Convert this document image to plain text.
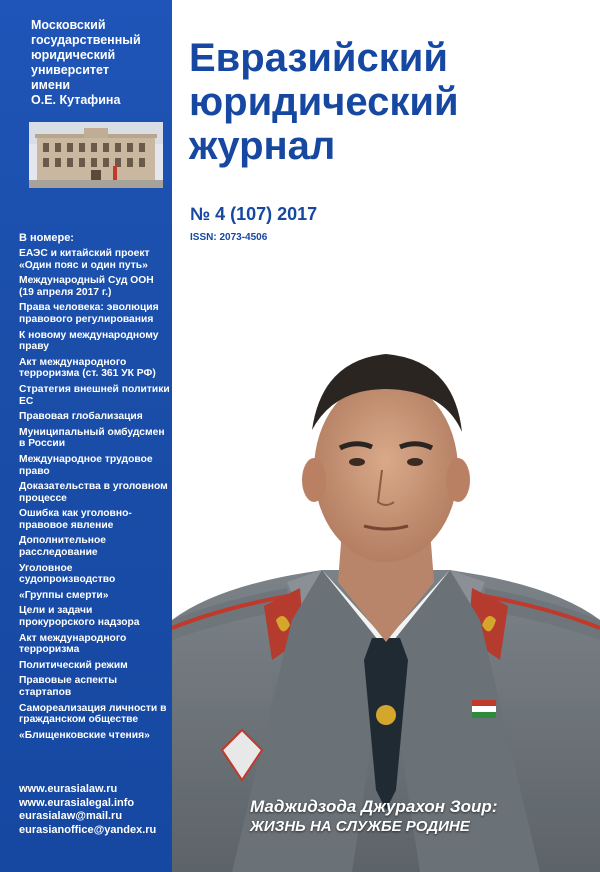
Московский
государственный
юридический
университет
имени
О.Е. Кутафина
В номере:
ЕАЭС и китайский проект «Один пояс и один путь»
Международный Суд ООН (19 апреля 2017 г.)
Права человека: эволюция правового регулирования
К новому международному праву
Акт международного терроризма (ст. 361 УК РФ)
Стратегия внешней политики ЕС
Правовая глобализация
Муниципальный омбудсмен в России
Международное трудовое право
Доказательства в уголовном процессе
Ошибка как уголовно-правовое явление
Дополнительное расследование
Уголовное судопроизводство
«Группы смерти»
Цели и задачи прокурорского надзора
Акт международного терроризма
Политический режим
Правовые аспекты стартапов
Самореализация личности в гражданском обществе
«Блищенковские чтения»
www.eurasialaw.ru
www.eurasialegal.info
eurasialaw@mail.ru
eurasianoffice@yandex.ru
Евразийский
юридический
журнал
№ 4 (107) 2017
ISSN: 2073-4506
Маджидзода Джурахон Зоир:
ЖИЗНЬ НА СЛУЖБЕ РОДИНЕ
